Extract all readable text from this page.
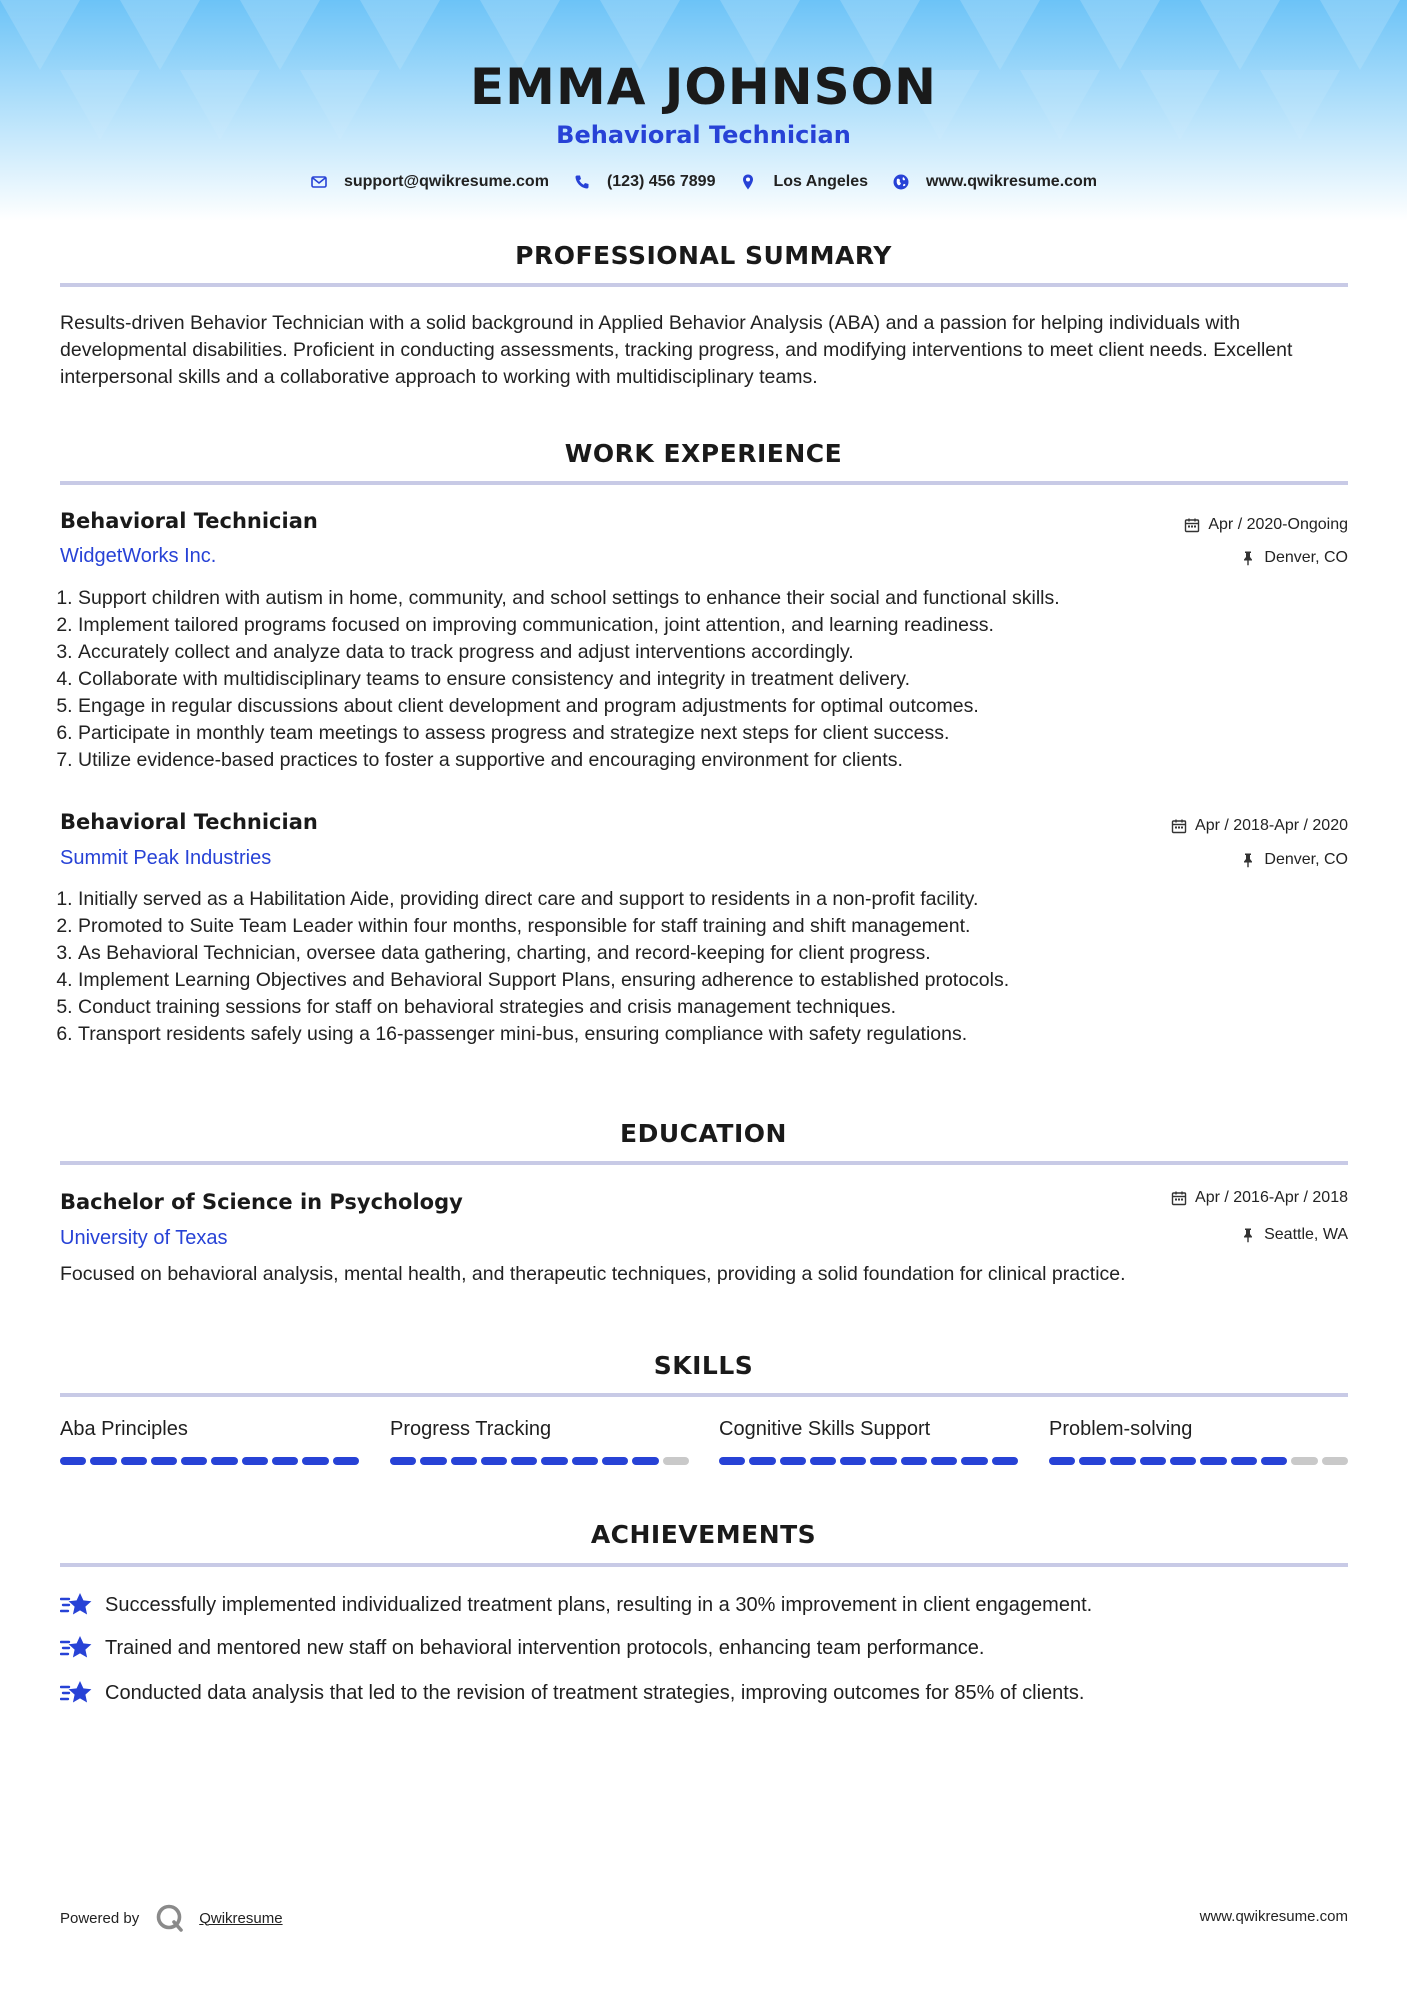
EMMA JOHNSON
Behavioral Technician
support@qwikresume.com	(123) 456 7899	Los Angeles	www.qwikresume.com
PROFESSIONAL SUMMARY
Results-driven Behavior Technician with a solid background in Applied Behavior Analysis (ABA) and a passion for helping individuals with developmental disabilities. Proficient in conducting assessments, tracking progress, and modifying interventions to meet client needs. Excellent interpersonal skills and a collaborative approach to working with multidisciplinary teams.
WORK EXPERIENCE
Behavioral Technician	Apr / 2020-Ongoing
WidgetWorks Inc.	Denver, CO
1. Support children with autism in home, community, and school settings to enhance their social and functional skills.
2. Implement tailored programs focused on improving communication, joint attention, and learning readiness.
3. Accurately collect and analyze data to track progress and adjust interventions accordingly.
4. Collaborate with multidisciplinary teams to ensure consistency and integrity in treatment delivery.
5. Engage in regular discussions about client development and program adjustments for optimal outcomes.
6. Participate in monthly team meetings to assess progress and strategize next steps for client success.
7. Utilize evidence-based practices to foster a supportive and encouraging environment for clients.
Behavioral Technician	Apr / 2018-Apr / 2020
Summit Peak Industries	Denver, CO
1. Initially served as a Habilitation Aide, providing direct care and support to residents in a non-profit facility.
2. Promoted to Suite Team Leader within four months, responsible for staff training and shift management.
3. As Behavioral Technician, oversee data gathering, charting, and record-keeping for client progress.
4. Implement Learning Objectives and Behavioral Support Plans, ensuring adherence to established protocols.
5. Conduct training sessions for staff on behavioral strategies and crisis management techniques.
6. Transport residents safely using a 16-passenger mini-bus, ensuring compliance with safety regulations.
EDUCATION
Bachelor of Science in Psychology	Apr / 2016-Apr / 2018
University of Texas	Seattle, WA
Focused on behavioral analysis, mental health, and therapeutic techniques, providing a solid foundation for clinical practice.
SKILLS
Aba Principles	Progress Tracking	Cognitive Skills Support	Problem-solving
ACHIEVEMENTS
Successfully implemented individualized treatment plans, resulting in a 30% improvement in client engagement.
Trained and mentored new staff on behavioral intervention protocols, enhancing team performance.
Conducted data analysis that led to the revision of treatment strategies, improving outcomes for 85% of clients.
Powered by	Qwikresume	www.qwikresume.com
